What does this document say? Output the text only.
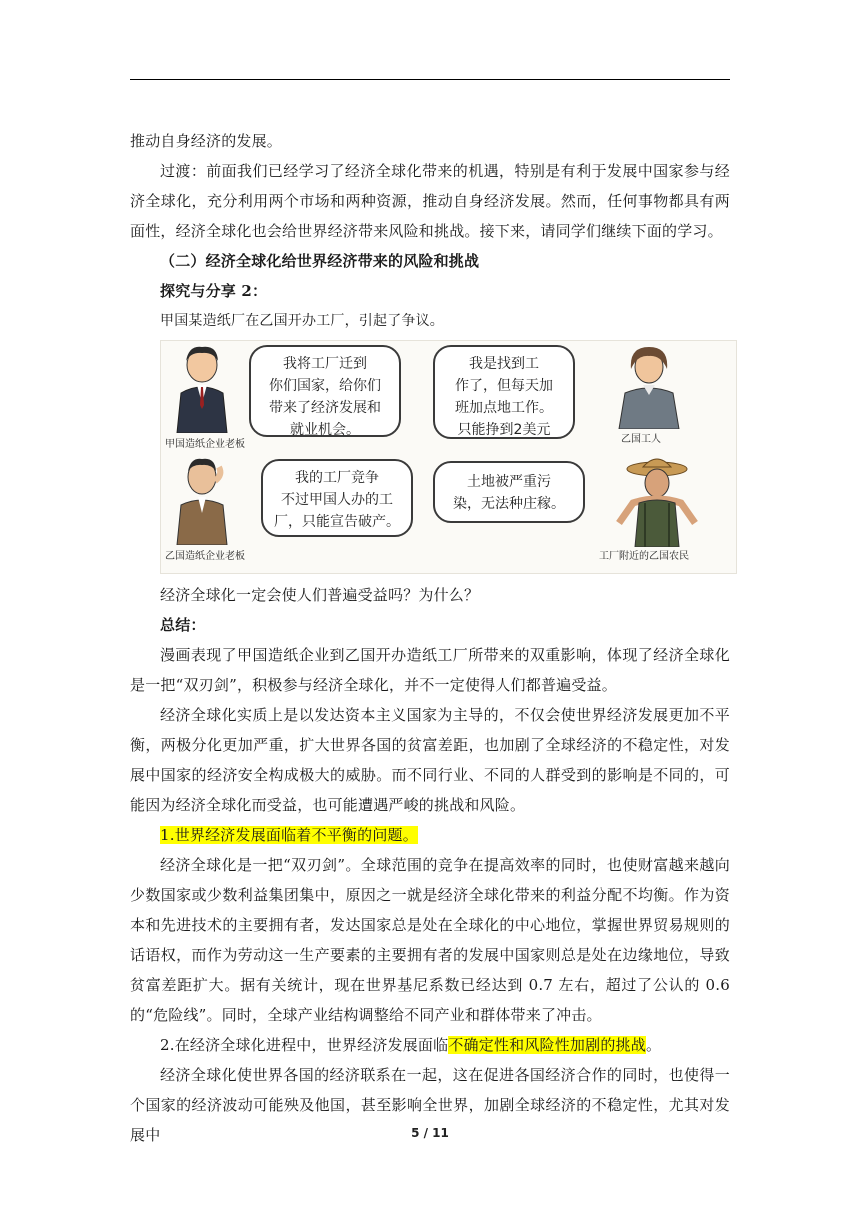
推动自身经济的发展。

过渡：前面我们已经学习了经济全球化带来的机遇，特别是有利于发展中国家参与经济全球化，充分利用两个市场和两种资源，推动自身经济发展。然而，任何事物都具有两面性，经济全球化也会给世界经济带来风险和挑战。接下来，请同学们继续下面的学习。

（二）经济全球化给世界经济带来的风险和挑战

探究与分享 2：

甲国某造纸厂在乙国开办工厂，引起了争议。

甲国造纸企业老板
我将工厂迁到
你们国家，给你们
带来了经济发展和
就业机会。
我是找到工
作了，但每天加
班加点地工作。
只能挣到2美元
乙国工人
乙国造纸企业老板
我的工厂竞争
不过甲国人办的工
厂，只能宣告破产。
土地被严重污
染，无法种庄稼。
工厂附近的乙国农民

经济全球化一定会使人们普遍受益吗？为什么？

总结：

漫画表现了甲国造纸企业到乙国开办造纸工厂所带来的双重影响，体现了经济全球化是一把“双刃剑”，积极参与经济全球化，并不一定使得人们都普遍受益。

经济全球化实质上是以发达资本主义国家为主导的，不仅会使世界经济发展更加不平衡，两极分化更加严重，扩大世界各国的贫富差距，也加剧了全球经济的不稳定性，对发展中国家的经济安全构成极大的威胁。而不同行业、不同的人群受到的影响是不同的，可能因为经济全球化而受益，也可能遭遇严峻的挑战和风险。

1.世界经济发展面临着不平衡的问题。

经济全球化是一把“双刃剑”。全球范围的竞争在提高效率的同时，也使财富越来越向少数国家或少数利益集团集中，原因之一就是经济全球化带来的利益分配不均衡。作为资本和先进技术的主要拥有者，发达国家总是处在全球化的中心地位，掌握世界贸易规则的话语权，而作为劳动这一生产要素的主要拥有者的发展中国家则总是处在边缘地位，导致贫富差距扩大。据有关统计，现在世界基尼系数已经达到 0.7 左右，超过了公认的 0.6 的“危险线”。同时，全球产业结构调整给不同产业和群体带来了冲击。

2.在经济全球化进程中，世界经济发展面临不确定性和风险性加剧的挑战。

经济全球化使世界各国的经济联系在一起，这在促进各国经济合作的同时，也使得一个国家的经济波动可能殃及他国，甚至影响全世界，加剧全球经济的不稳定性，尤其对发展中	5 / 11
